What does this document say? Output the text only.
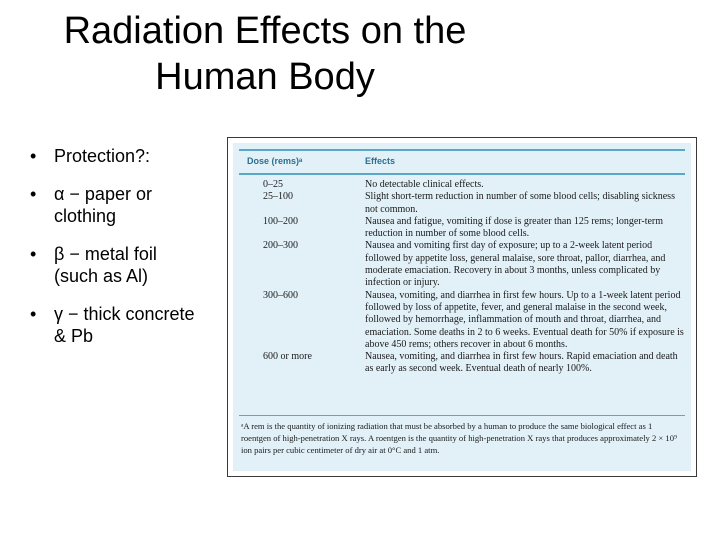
Radiation Effects on the
Human Body
• Protection?:
• α − paper or
clothing
• β − metal foil
(such as Al)
• γ − thick concrete
& Pb
Dose (rems)ᵃ	Effects
0–25	No detectable clinical effects.
25–100	Slight short-term reduction in number of some blood cells; disabling sickness not common.
100–200	Nausea and fatigue, vomiting if dose is greater than 125 rems; longer-term reduction in number of some blood cells.
200–300	Nausea and vomiting first day of exposure; up to a 2-week latent period followed by appetite loss, general malaise, sore throat, pallor, diarrhea, and moderate emaciation. Recovery in about 3 months, unless complicated by infection or injury.
300–600	Nausea, vomiting, and diarrhea in first few hours. Up to a 1-week latent period followed by loss of appetite, fever, and general malaise in the second week, followed by hemorrhage, inflammation of mouth and throat, diarrhea, and emaciation. Some deaths in 2 to 6 weeks. Eventual death for 50% if exposure is above 450 rems; others recover in about 6 months.
600 or more	Nausea, vomiting, and diarrhea in first few hours. Rapid emaciation and death as early as second week. Eventual death of nearly 100%.
ᵃA rem is the quantity of ionizing radiation that must be absorbed by a human to produce the same biological effect as 1 roentgen of high-penetration X rays. A roentgen is the quantity of high-penetration X rays that produces approximately 2 × 10⁹ ion pairs per cubic centimeter of dry air at 0°C and 1 atm.
